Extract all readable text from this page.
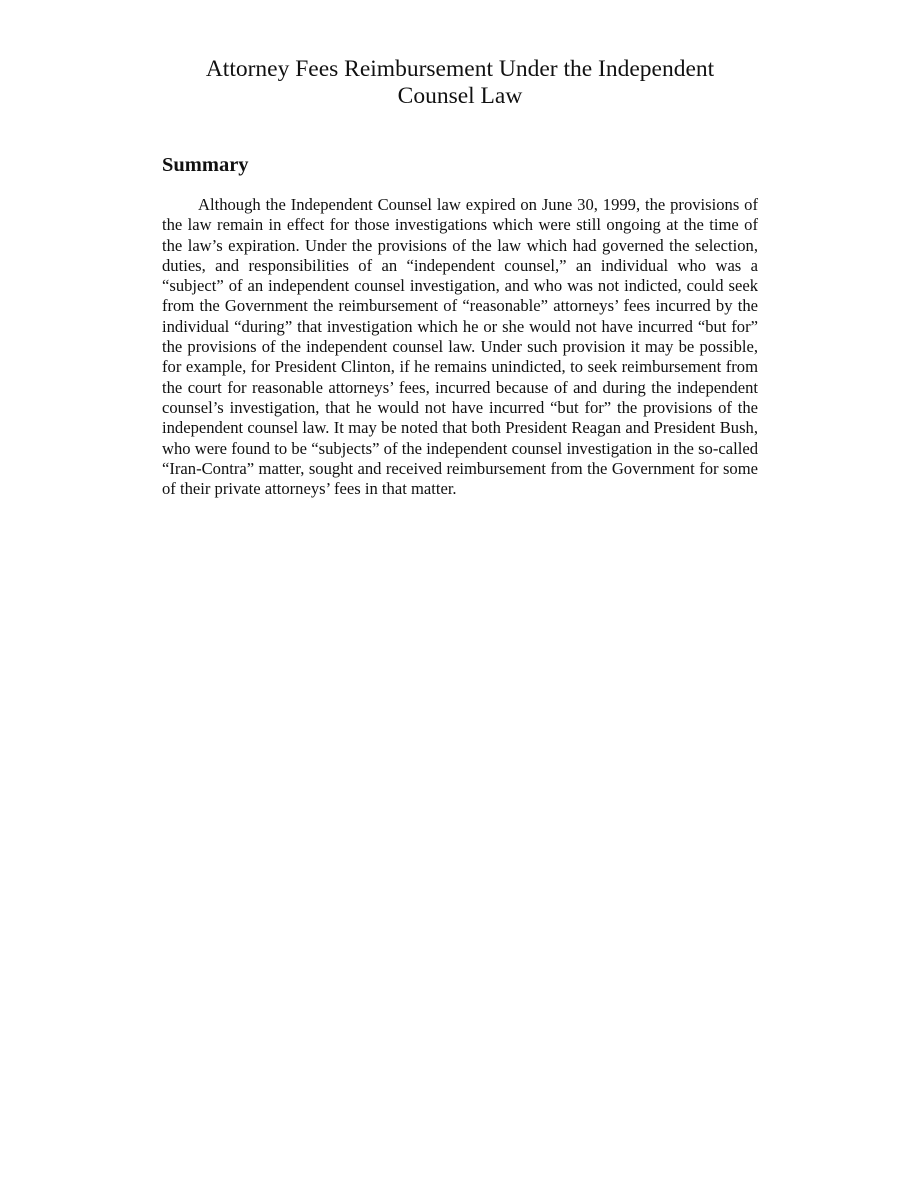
Attorney Fees Reimbursement Under the Independent
Counsel Law
Summary

Although the Independent Counsel law expired on June 30, 1999, the provisions of the law remain in effect for those investigations which were still ongoing at the time of the law’s expiration. Under the provisions of the law which had governed the selection, duties, and responsibilities of an “independent counsel,” an individual who was a “subject” of an independent counsel investigation, and who was not indicted, could seek from the Government the reimbursement of “reasonable” attorneys’ fees incurred by the individual “during” that investigation which he or she would not have incurred “but for” the provisions of the independent counsel law. Under such provision it may be possible, for example, for President Clinton, if he remains unindicted, to seek reimbursement from the court for reasonable attorneys’ fees, incurred because of and during the independent counsel’s investigation, that he would not have incurred “but for” the provisions of the independent counsel law. It may be noted that both President Reagan and President Bush, who were found to be “subjects” of the independent counsel investigation in the so-called “Iran-Contra” matter, sought and received reimbursement from the Government for some of their private attorneys’ fees in that matter.
